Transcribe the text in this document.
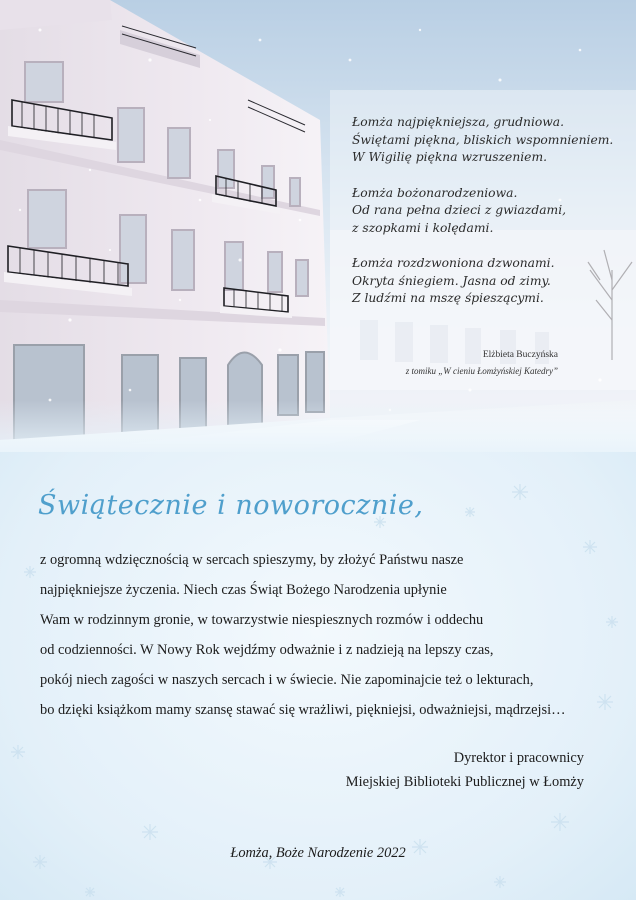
Łomża najpiękniejsza, grudniowa.
Świętami piękna, bliskich wspomnieniem.
W Wigilię piękna wzruszeniem.
Łomża bożonarodzeniowa.
Od rana pełna dzieci z gwiazdami,
z szopkami i kolędami.
Łomża rozdzwoniona dzwonami.
Okryta śniegiem. Jasna od zimy.
Z ludźmi na mszę śpieszącymi.
Elżbieta Buczyńska
z tomiku „W cieniu Łomżyńskiej Katedry”
Świątecznie i noworocznie,
z ogromną wdzięcznością w sercach spieszymy, by złożyć Państwu nasze
najpiękniejsze życzenia. Niech czas Świąt Bożego Narodzenia upłynie
Wam w rodzinnym gronie, w towarzystwie niespiesznych rozmów i oddechu
od codzienności. W Nowy Rok wejdźmy odważnie i z nadzieją na lepszy czas,
pokój niech zagości w naszych sercach i w świecie. Nie zapominajcie też o lekturach,
bo dzięki książkom mamy szansę stawać się wrażliwi, piękniejsi, odważniejsi, mądrzejsi…
Dyrektor i pracownicy
Miejskiej Biblioteki Publicznej w Łomży
Łomża, Boże Narodzenie 2022
